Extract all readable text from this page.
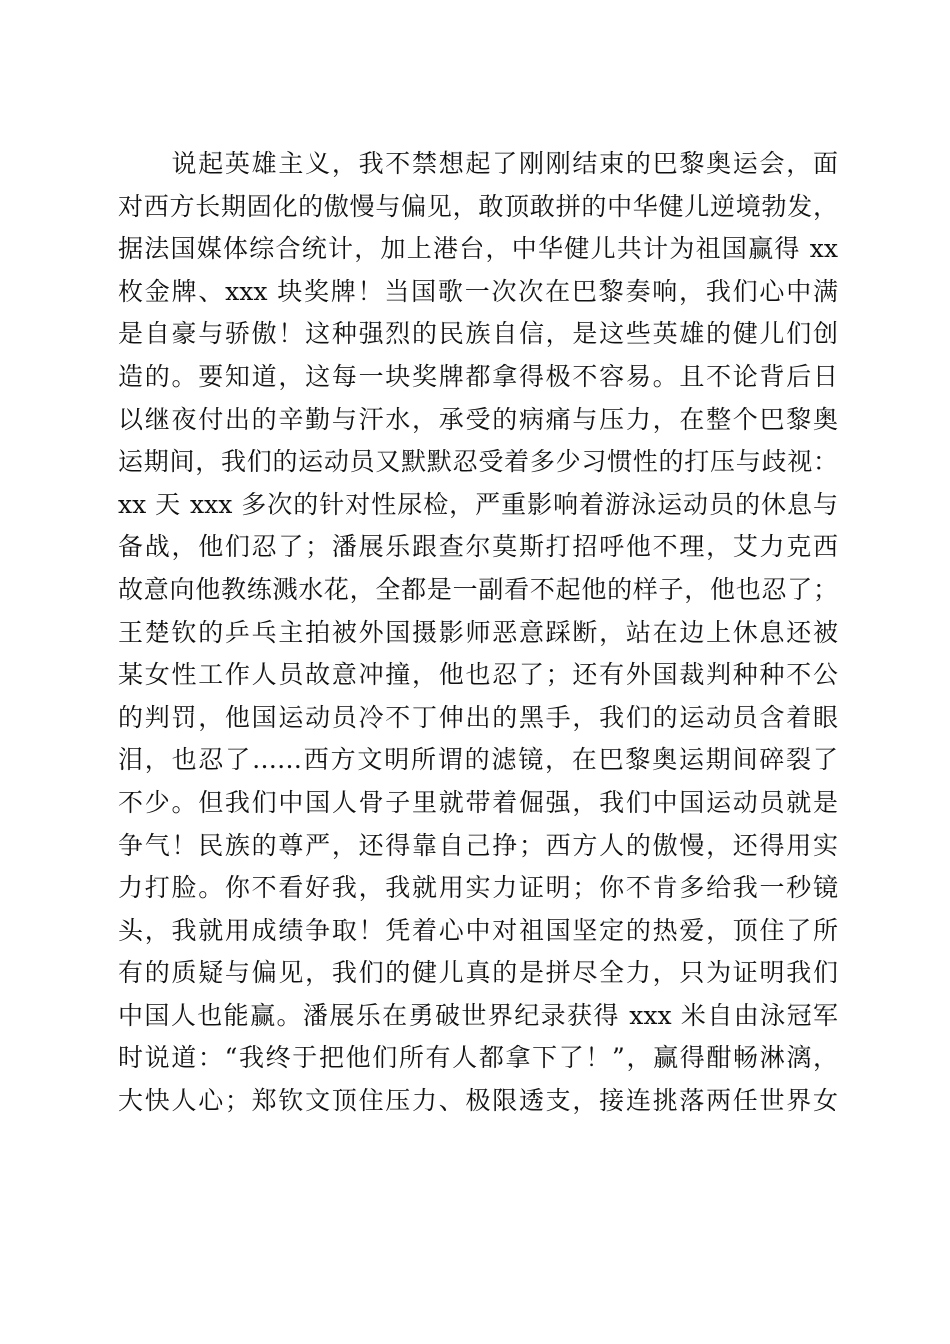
　　说起英雄主义，我不禁想起了刚刚结束的巴黎奥运会，面
对西方长期固化的傲慢与偏见，敢顶敢拼的中华健儿逆境勃发，
据法国媒体综合统计，加上港台，中华健儿共计为祖国赢得 xx
枚金牌、xxx 块奖牌！当国歌一次次在巴黎奏响，我们心中满
是自豪与骄傲！这种强烈的民族自信，是这些英雄的健儿们创
造的。要知道，这每一块奖牌都拿得极不容易。且不论背后日
以继夜付出的辛勤与汗水，承受的病痛与压力，在整个巴黎奥
运期间，我们的运动员又默默忍受着多少习惯性的打压与歧视：
xx 天 xxx 多次的针对性尿检，严重影响着游泳运动员的休息与
备战，他们忍了；潘展乐跟查尔莫斯打招呼他不理，艾力克西
故意向他教练溅水花，全都是一副看不起他的样子，他也忍了；
王楚钦的乒乓主拍被外国摄影师恶意踩断，站在边上休息还被
某女性工作人员故意冲撞，他也忍了；还有外国裁判种种不公
的判罚，他国运动员冷不丁伸出的黑手，我们的运动员含着眼
泪，也忍了……西方文明所谓的滤镜，在巴黎奥运期间碎裂了
不少。但我们中国人骨子里就带着倔强，我们中国运动员就是
争气！民族的尊严，还得靠自己挣；西方人的傲慢，还得用实
力打脸。你不看好我，我就用实力证明；你不肯多给我一秒镜
头，我就用成绩争取！凭着心中对祖国坚定的热爱，顶住了所
有的质疑与偏见，我们的健儿真的是拼尽全力，只为证明我们
中国人也能赢。潘展乐在勇破世界纪录获得 xxx 米自由泳冠军
时说道：“我终于把他们所有人都拿下了！”，赢得酣畅淋漓，
大快人心；郑钦文顶住压力、极限透支，接连挑落两任世界女
